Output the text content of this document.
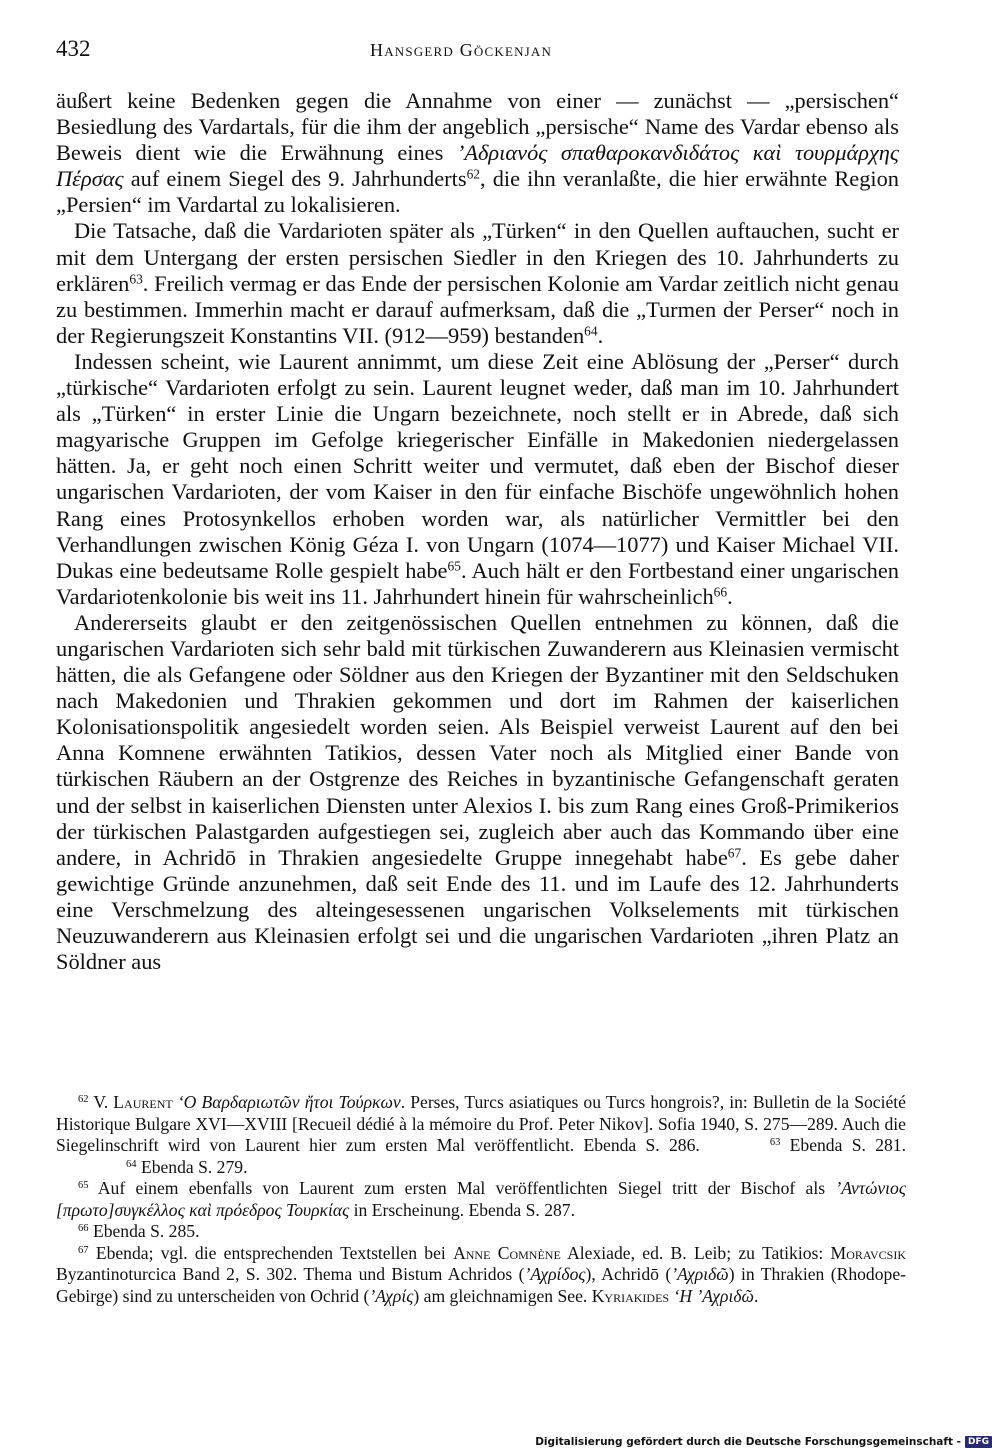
432	Hansgerd Göckenjan

äußert keine Bedenken gegen die Annahme von einer — zunächst — „persischen“ Besiedlung des Vardartals, für die ihm der angeblich „persische“ Name des Vardar ebenso als Beweis dient wie die Erwähnung eines ’Αδριανός σπαθαροκανδιδάτος καὶ τουρμάρχης Πέρσας auf einem Siegel des 9. Jahrhunderts$^{62}$, die ihn veranlaßte, die hier erwähnte Region „Persien“ im Vardartal zu lokalisieren.

Die Tatsache, daß die Vardarioten später als „Türken“ in den Quellen auftauchen, sucht er mit dem Untergang der ersten persischen Siedler in den Kriegen des 10. Jahrhunderts zu erklären$^{63}$. Freilich vermag er das Ende der persischen Kolonie am Vardar zeitlich nicht genau zu bestimmen. Immerhin macht er darauf aufmerksam, daß die „Turmen der Perser“ noch in der Regierungszeit Konstantins VII. (912—959) bestanden$^{64}$.

Indessen scheint, wie Laurent annimmt, um diese Zeit eine Ablösung der „Perser“ durch „türkische“ Vardarioten erfolgt zu sein. Laurent leugnet weder, daß man im 10. Jahrhundert als „Türken“ in erster Linie die Ungarn bezeichnete, noch stellt er in Abrede, daß sich magyarische Gruppen im Gefolge kriegerischer Einfälle in Makedonien niedergelassen hätten. Ja, er geht noch einen Schritt weiter und vermutet, daß eben der Bischof dieser ungarischen Vardarioten, der vom Kaiser in den für einfache Bischöfe ungewöhnlich hohen Rang eines Protosynkellos erhoben worden war, als natürlicher Vermittler bei den Verhandlungen zwischen König Géza I. von Ungarn (1074—1077) und Kaiser Michael VII. Dukas eine bedeutsame Rolle gespielt habe$^{65}$. Auch hält er den Fortbestand einer ungarischen Vardariotenkolonie bis weit ins 11. Jahrhundert hinein für wahrscheinlich$^{66}$.

Andererseits glaubt er den zeitgenössischen Quellen entnehmen zu können, daß die ungarischen Vardarioten sich sehr bald mit türkischen Zuwanderern aus Kleinasien vermischt hätten, die als Gefangene oder Söldner aus den Kriegen der Byzantiner mit den Seldschuken nach Makedonien und Thrakien gekommen und dort im Rahmen der kaiserlichen Kolonisationspolitik angesiedelt worden seien. Als Beispiel verweist Laurent auf den bei Anna Komnene erwähnten Tatikios, dessen Vater noch als Mitglied einer Bande von türkischen Räubern an der Ostgrenze des Reiches in byzantinische Gefangenschaft geraten und der selbst in kaiserlichen Diensten unter Alexios I. bis zum Rang eines Groß-Primikerios der türkischen Palastgarden aufgestiegen sei, zugleich aber auch das Kommando über eine andere, in Achridō in Thrakien angesiedelte Gruppe innegehabt habe$^{67}$. Es gebe daher gewichtige Gründe anzunehmen, daß seit Ende des 11. und im Laufe des 12. Jahrhunderts eine Verschmelzung des alteingesessenen ungarischen Volkselements mit türkischen Neuzuwanderern aus Kleinasien erfolgt sei und die ungarischen Vardarioten „ihren Platz an Söldner aus

$^{62}$ V. Laurent ‘Ο Βαρδαριωτῶν ἤτοι Τούρκων. Perses, Turcs asiatiques ou Turcs hongrois?, in: Bulletin de la Société Historique Bulgare XVI—XVIII [Recueil dédié à la mémoire du Prof. Peter Nikov]. Sofia 1940, S. 275—289. Auch die Siegelinschrift wird von Laurent hier zum ersten Mal veröffentlicht. Ebenda S. 286.	$^{63}$ Ebenda S. 281.64 Ebenda S. 279.

$^{65}$ Auf einem ebenfalls von Laurent zum ersten Mal veröffentlichten Siegel tritt der Bischof als ’Αντώνιος [πρωτο]συγκέλλος καὶ πρόεδρος Τουρκίας in Erscheinung. Ebenda S. 287.

$^{66}$ Ebenda S. 285.

$^{67}$ Ebenda; vgl. die entsprechenden Textstellen bei Anne Comnène Alexiade, ed. B. Leib; zu Tatikios: Moravcsik Byzantinoturcica Band 2, S. 302. Thema und Bistum Achridos (’Αχρίδος), Achridō (’Αχριδῶ) in Thrakien (Rhodope-Gebirge) sind zu unterscheiden von Ochrid (’Αχρίς) am gleichnamigen See. Kyriakides ‘Η ’Αχριδῶ.

Digitalisierung gefördert durch die Deutsche Forschungsgemeinschaft - DFG
